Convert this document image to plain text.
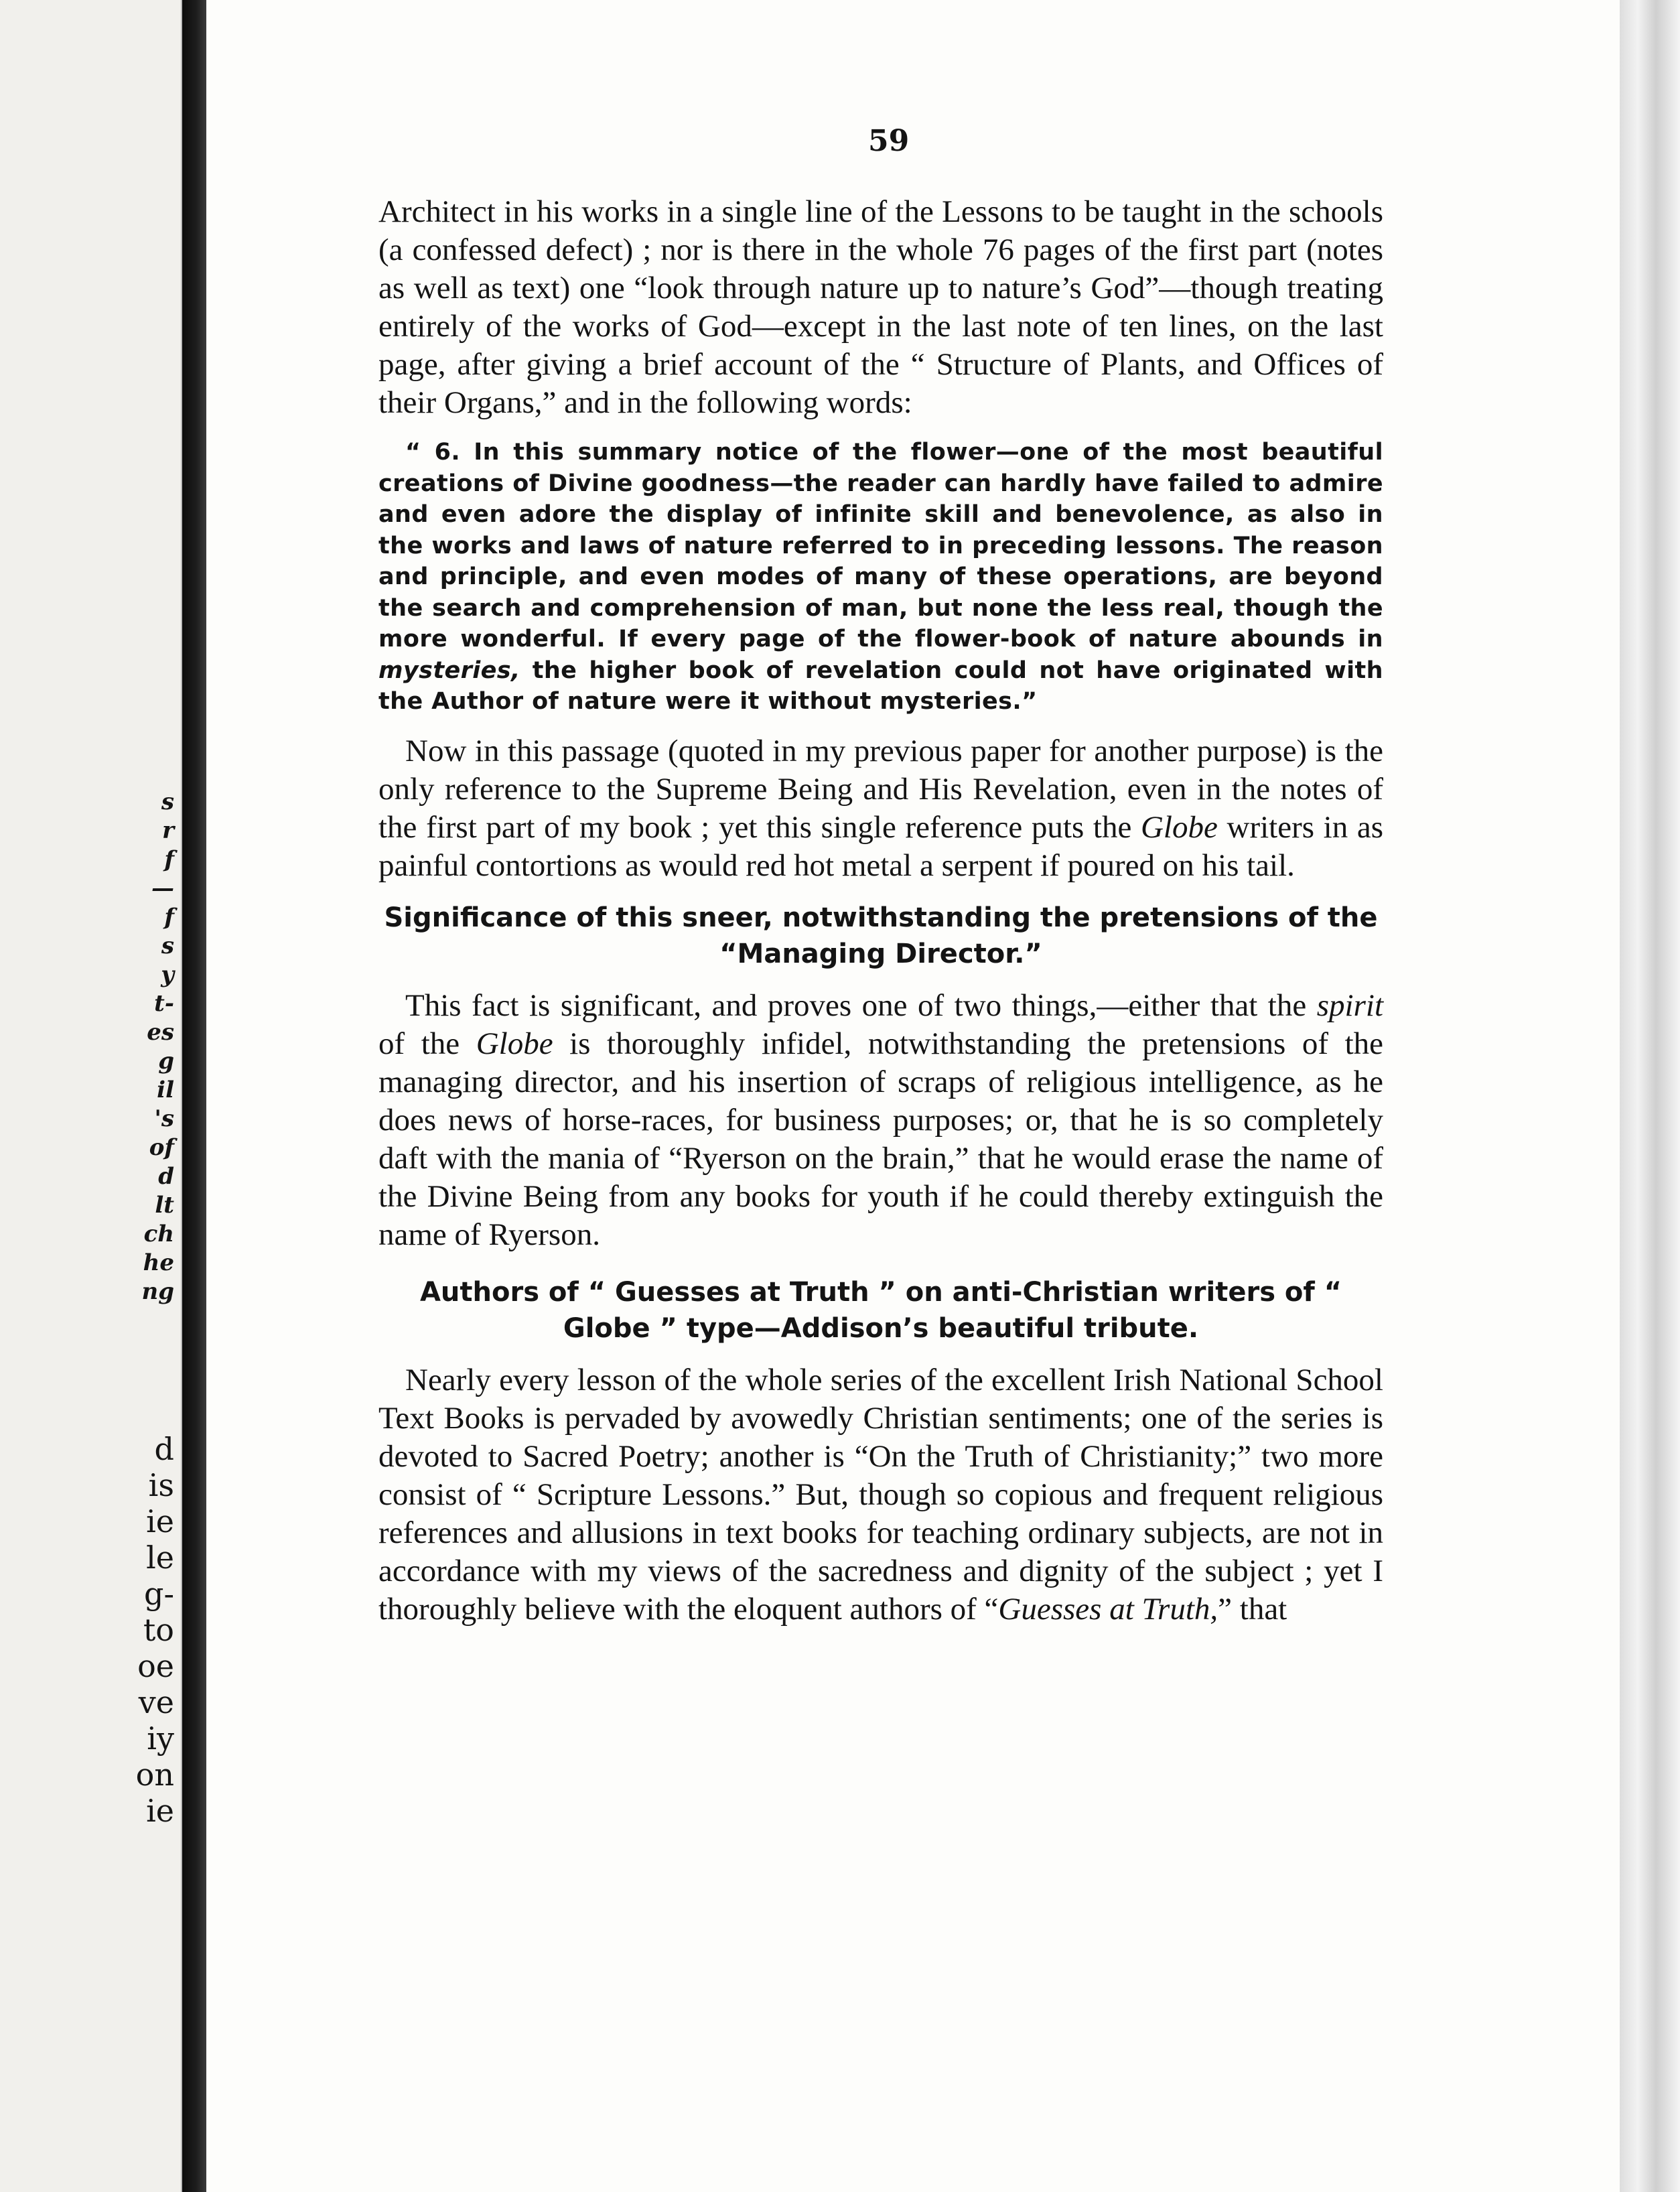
s
r
f
—
f
s
y
t-
es
g
il
's
of
d
lt
ch
he
ng
d
is
ie
le
g-
to
oe
ve
iy
on
ie
59

Architect in his works in a single line of the Lessons to be taught in the schools (a confessed defect) ; nor is there in the whole 76 pages of the first part (notes as well as text) one “look through nature up to nature’s God”—though treating entirely of the works of God—except in the last note of ten lines, on the last page, after giving a brief account of the “ Structure of Plants, and Offices of their Organs,” and in the following words:

“ 6. In this summary notice of the flower—one of the most beautiful creations of Divine goodness—the reader can hardly have failed to admire and even adore the display of infinite skill and benevolence, as also in the works and laws of nature referred to in preceding lessons. The reason and principle, and even modes of many of these operations, are beyond the search and comprehension of man, but none the less real, though the more wonderful. If every page of the flower-book of nature abounds in mysteries, the higher book of revelation could not have originated with the Author of nature were it without mysteries.”

Now in this passage (quoted in my previous paper for another purpose) is the only reference to the Supreme Being and His Revelation, even in the notes of the first part of my book ; yet this single reference puts the Globe writers in as painful contortions as would red hot metal a serpent if poured on his tail.

Significance of this sneer, notwithstanding the pretensions of the “Managing Director.”

This fact is significant, and proves one of two things,—either that the spirit of the Globe is thoroughly infidel, notwithstanding the pretensions of the managing director, and his insertion of scraps of religious intelligence, as he does news of horse-races, for business purposes; or, that he is so completely daft with the mania of “Ryerson on the brain,” that he would erase the name of the Divine Being from any books for youth if he could thereby extinguish the name of Ryerson.

Authors of “ Guesses at Truth ” on anti-Christian writers of “ Globe ” type—Addison’s beautiful tribute.

Nearly every lesson of the whole series of the excellent Irish National School Text Books is pervaded by avowedly Christian sentiments; one of the series is devoted to Sacred Poetry; another is “On the Truth of Christianity;” two more consist of “ Scripture Lessons.” But, though so copious and frequent religious references and allusions in text books for teaching ordinary subjects, are not in accordance with my views of the sacredness and dignity of the subject ; yet I thoroughly believe with the eloquent authors of “Guesses at Truth,” that
